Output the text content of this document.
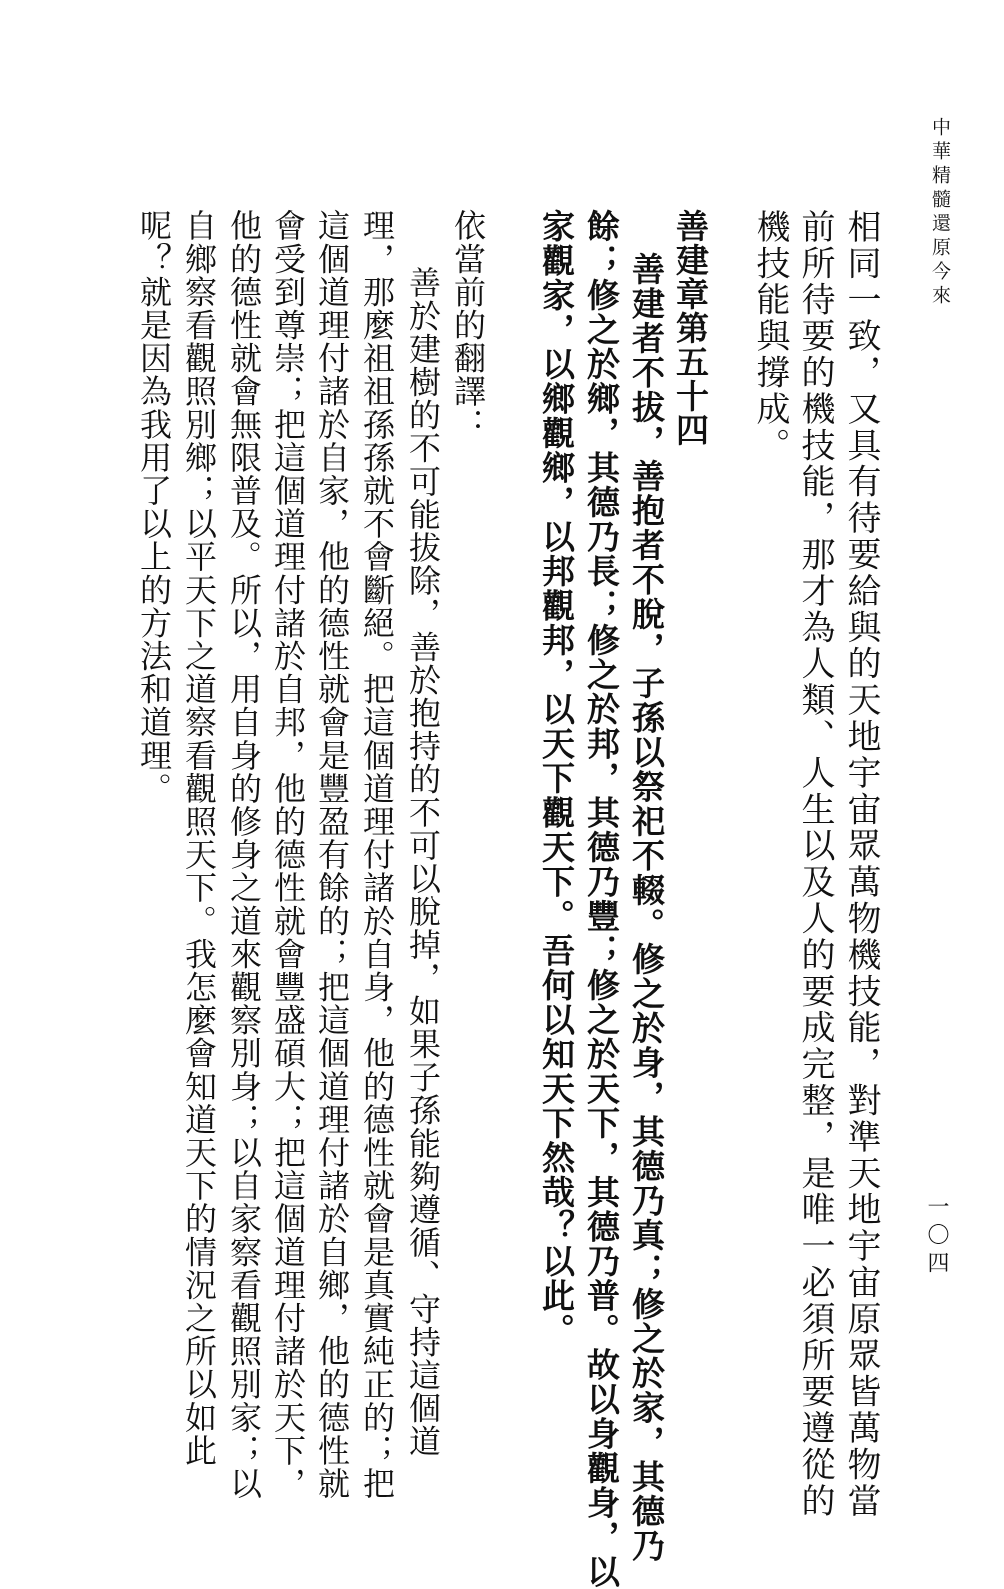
中華精髓還原今來
一〇四
相同一致，又具有待要給與的天地宇宙眾萬物機技能，對準天地宇宙原眾皆萬物當
前所待要的機技能，那才為人類、人生以及人的要成完整，是唯一必須所要遵從的
機技能與撐成。
善建章第五十四
善建者不拔，善抱者不脫，子孫以祭祀不輟。修之於身，其德乃真；修之於家，其德乃
餘；修之於鄉，其德乃長；修之於邦，其德乃豐；修之於天下，其德乃普。故以身觀身，以
家觀家，以鄉觀鄉，以邦觀邦，以天下觀天下。吾何以知天下然哉？以此。
依當前的翻譯：
善於建樹的不可能拔除，善於抱持的不可以脫掉，如果子孫能夠遵循、守持這個道
理，那麼祖祖孫孫就不會斷絕。把這個道理付諸於自身，他的德性就會是真實純正的；把
這個道理付諸於自家，他的德性就會是豐盈有餘的；把這個道理付諸於自鄉，他的德性就
會受到尊崇；把這個道理付諸於自邦，他的德性就會豐盛碩大；把這個道理付諸於天下，
他的德性就會無限普及。所以，用自身的修身之道來觀察別身；以自家察看觀照別家；以
自鄉察看觀照別鄉；以平天下之道察看觀照天下。我怎麼會知道天下的情況之所以如此
呢？就是因為我用了以上的方法和道理。
